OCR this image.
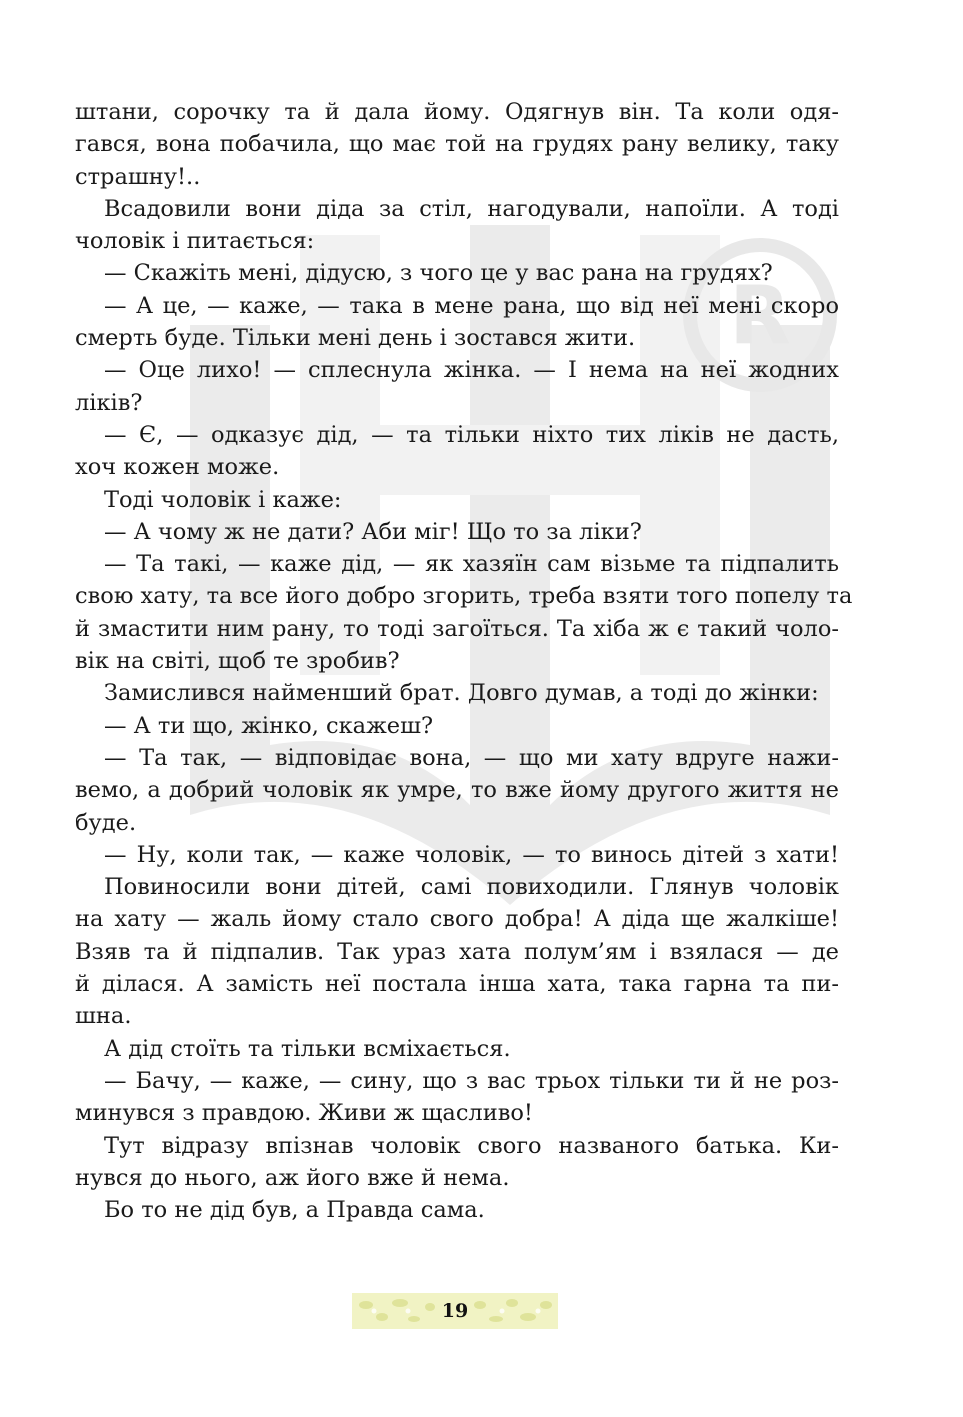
R
штани, сорочку та й дала йому. Одягнув він. Та коли одя-
гався, вона побачила, що має той на грудях рану велику, таку
страшну!..
Всадовили вони діда за стіл, нагодували, напоїли. А тоді
чоловік і питається:
— Скажіть мені, дідусю, з чого це у вас рана на грудях?
— А це, — каже, — така в мене рана, що від неї мені скоро
смерть буде. Тільки мені день і зостався жити.
— Оце лихо! — сплеснула жінка. — І нема на неї жодних
ліків?
— Є, — одказує дід, — та тільки ніхто тих ліків не дасть,
хоч кожен може.
Тоді чоловік і каже:
— А чому ж не дати? Аби міг! Що то за ліки?
— Та такі, — каже дід, — як хазяїн сам візьме та підпалить
свою хату, та все його добро згорить, треба взяти того попелу та
й змастити ним рану, то тоді загоїться. Та хіба ж є такий чоло-
вік на світі, щоб те зробив?
Замислився найменший брат. Довго думав, а тоді до жінки:
— А ти що, жінко, скажеш?
— Та так, — відповідає вона, — що ми хату вдруге нажи-
вемо, а добрий чоловік як умре, то вже йому другого життя не
буде.
— Ну, коли так, — каже чоловік, — то винось дітей з хати!
Повиносили вони дітей, самі повиходили. Глянув чоловік
на хату — жаль йому стало свого добра! А діда ще жалкіше!
Взяв та й підпалив. Так ураз хата полум’ям і взялася — де
й ділася. А замість неї постала інша хата, така гарна та пи-
шна.
А дід стоїть та тільки всміхається.
— Бачу, — каже, — сину, що з вас трьох тільки ти й не роз-
минувся з правдою. Живи ж щасливо!
Тут відразу впізнав чоловік свого названого батька. Ки-
нувся до нього, аж його вже й нема.
Бо то не дід був, а Правда сама.
19
